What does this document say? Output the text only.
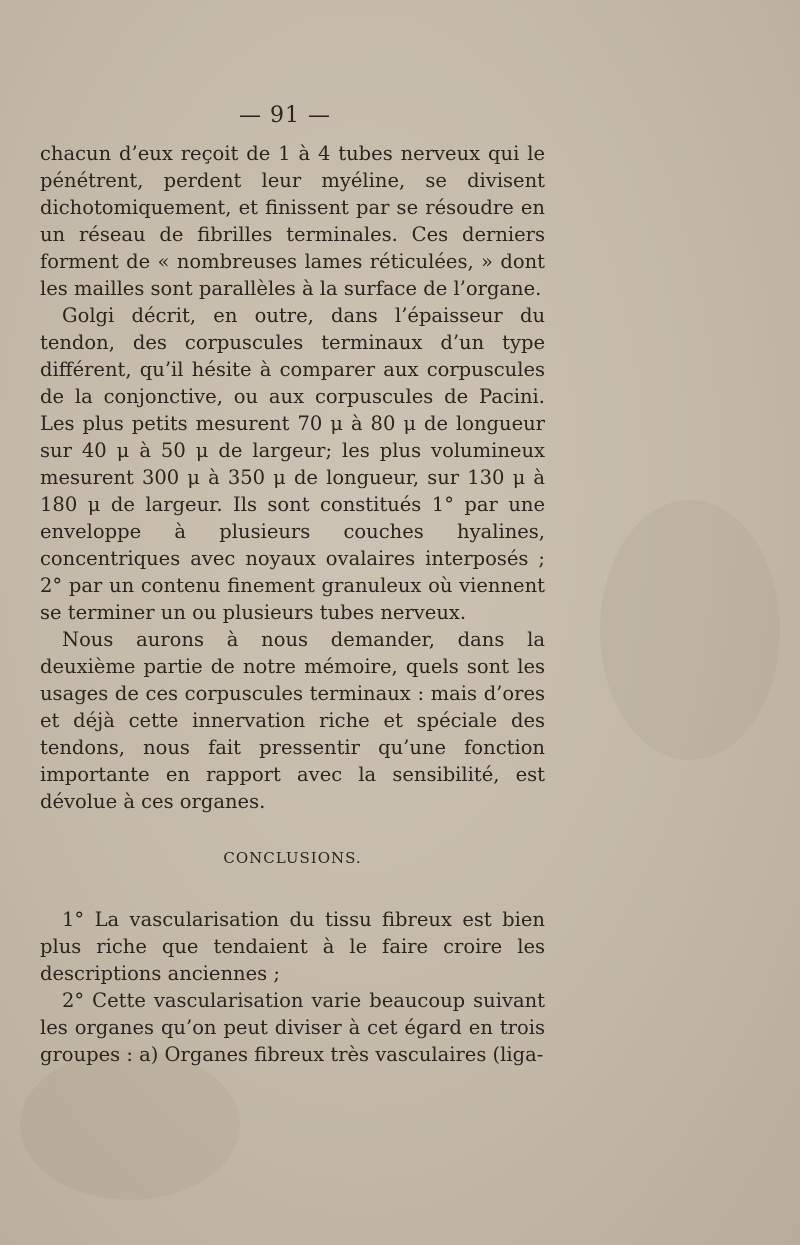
— 91 —

chacun d’eux reçoit de 1 à 4 tubes nerveux qui le pénétrent, perdent leur myéline, se divisent dichotomiquement, et finissent par se résoudre en un réseau de fibrilles terminales. Ces derniers forment de « nombreuses lames réticulées, » dont les mailles sont parallèles à la surface de l’organe.

Golgi décrit, en outre, dans l’épaisseur du tendon, des corpuscules terminaux d’un type différent, qu’il hésite à comparer aux corpuscules de la conjonctive, ou aux corpuscules de Pacini. Les plus petits mesurent 70 μ à 80 μ de longueur sur 40 μ à 50 μ de largeur; les plus volumineux mesurent 300 μ à 350 μ de longueur, sur 130 μ à 180 μ de largeur. Ils sont constitués 1° par une enveloppe à plusieurs couches hyalines, concentriques avec noyaux ovalaires interposés ; 2° par un contenu finement granuleux où viennent se terminer un ou plusieurs tubes nerveux.

Nous aurons à nous demander, dans la deuxième partie de notre mémoire, quels sont les usages de ces corpuscules terminaux : mais d’ores et déjà cette innervation riche et spéciale des tendons, nous fait pressentir qu’une fonction importante en rapport avec la sensibilité, est dévolue à ces organes.

CONCLUSIONS.

1° La vascularisation du tissu fibreux est bien plus riche que tendaient à le faire croire les descriptions anciennes ;

2° Cette vascularisation varie beaucoup suivant les organes qu’on peut diviser à cet égard en trois groupes : a) Organes fibreux très vasculaires (liga-
